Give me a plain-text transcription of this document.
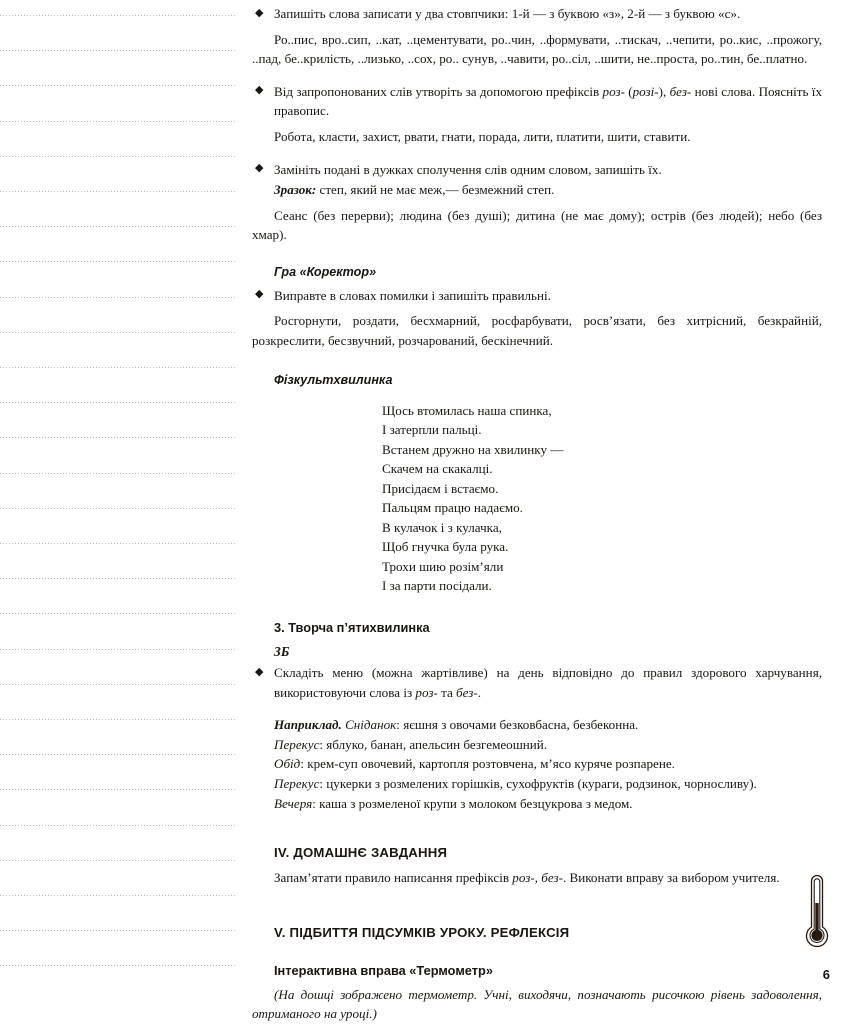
◆ Запишіть слова записати у два стовпчики: 1-й — з буквою «з», 2-й — з буквою «с».

Ро..пис, вро..сип, ..кат, ..цементувати, ро..чин, ..формувати, ..тискач, ..чепити, ро..кис, ..прожогу, ..пад, бе..крилість, ..лизько, ..сох, ро.. сунув, ..чавити, ро..сіл, ..шити, не..проста, ро..тин, бе..платно.

◆ Від запропонованих слів утворіть за допомогою префіксів роз- (розі-), без- нові слова. Поясніть їх правопис.

Робота, класти, захист, рвати, гнати, порада, лити, платити, шити, ставити.

◆ Замініть подані в дужках сполучення слів одним словом, запишіть їх.

Зразок: степ, який не має меж,— безмежний степ.

Сеанс (без перерви); людина (без душі); дитина (не має дому); острів (без людей); небо (без хмар).

Гра «Коректор»

◆ Виправте в словах помилки і запишіть правильні.

Росгорнути, роздати, бесхмарний, росфарбувати, росв’язати, без хитрісний, безкрайній, розкреслити, бесзвучний, розчарований, бескінечний.

Фізкультхвилинка

Щось втомилась наша спинка,

І затерпли пальці.

Встанем дружно на хвилинку —

Скачем на скакалці.

Присідаєм і встаємо.

Пальцям працю надаємо.

В кулачок і з кулачка,

Щоб гнучка була рука.

Трохи шию розім’яли

І за парти посідали.

3. Творча п’ятихвилинка

ЗБ

◆ Складіть меню (можна жартівливе) на день відповідно до правил здорового харчування, використовуючи слова із роз- та без-.

Наприклад. Сніданок: яєшня з овочами безковбасна, безбеконна.

Перекус: яблуко, банан, апельсин безгемеошний.

Обід: крем-суп овочевий, картопля розтовчена, м’ясо куряче розпарене.

Перекус: цукерки з розмелених горішків, сухофруктів (кураги, родзинок, чорносливу).

Вечеря: каша з розмеленої крупи з молоком безцукрова з медом.

IV. ДОМАШНЄ ЗАВДАННЯ

Запам’ятати правило написання префіксів роз-, без-. Виконати вправу за вибором учителя.

V. ПІДБИТТЯ ПІДСУМКІВ УРОКУ. РЕФЛЕКСІЯ

Інтерактивна вправа «Термометр»

(На дошці зображено термометр. Учні, виходячи, позначають рисочкою рівень задоволення, отриманого на уроці.)

6
